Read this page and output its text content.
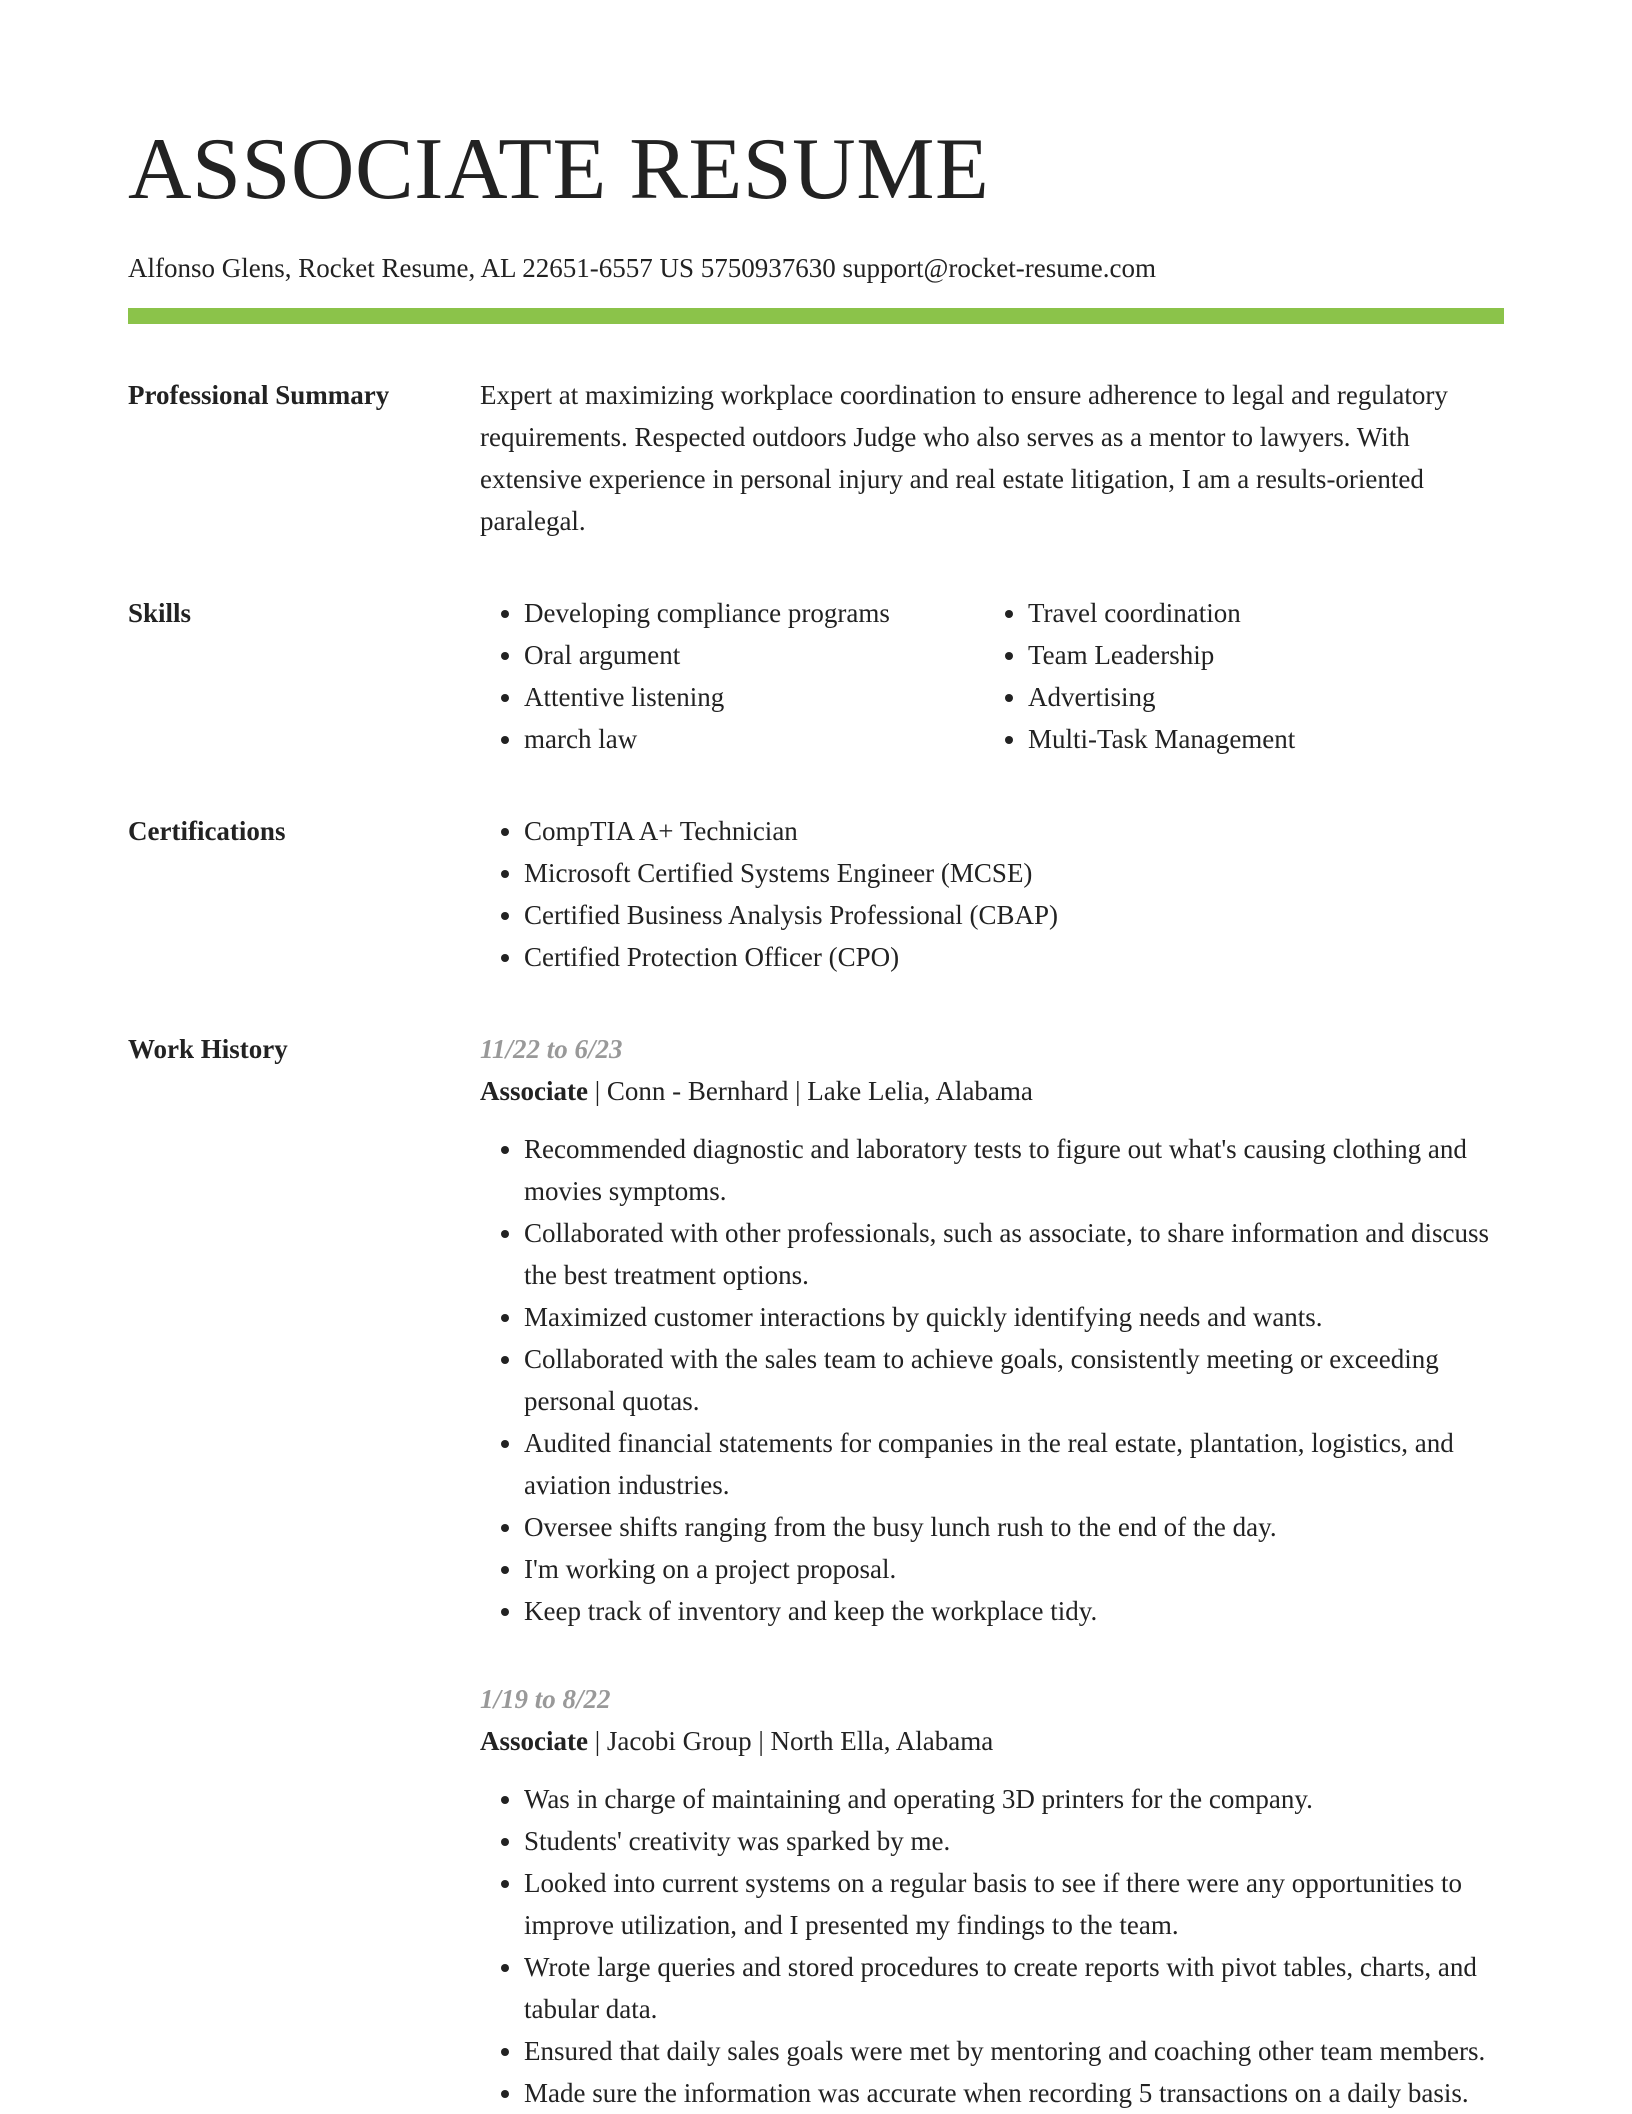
ASSOCIATE RESUME
Alfonso Glens, Rocket Resume, AL 22651-6557 US 5750937630 support@rocket-resume.com
Professional Summary	Expert at maximizing workplace coordination to ensure adherence to legal and regulatory requirements. Respected outdoors Judge who also serves as a mentor to lawyers. With extensive experience in personal injury and real estate litigation, I am a results-oriented paralegal.

Skills	• Developing compliance programs
• Oral argument
• Attentive listening
• march law
• Travel coordination
• Team Leadership
• Advertising
• Multi-Task Management
Certifications	• CompTIA A+ Technician
• Microsoft Certified Systems Engineer (MCSE)
• Certified Business Analysis Professional (CBAP)
• Certified Protection Officer (CPO)
Work History	11/22 to 6/23
Associate | Conn - Bernhard | Lake Lelia, Alabama
• Recommended diagnostic and laboratory tests to figure out what's causing clothing and movies symptoms.
• Collaborated with other professionals, such as associate, to share information and discuss the best treatment options.
• Maximized customer interactions by quickly identifying needs and wants.
• Collaborated with the sales team to achieve goals, consistently meeting or exceeding personal quotas.
• Audited financial statements for companies in the real estate, plantation, logistics, and aviation industries.
• Oversee shifts ranging from the busy lunch rush to the end of the day.
• I'm working on a project proposal.
• Keep track of inventory and keep the workplace tidy.
1/19 to 8/22
Associate | Jacobi Group | North Ella, Alabama
• Was in charge of maintaining and operating 3D printers for the company.
• Students' creativity was sparked by me.
• Looked into current systems on a regular basis to see if there were any opportunities to improve utilization, and I presented my findings to the team.
• Wrote large queries and stored procedures to create reports with pivot tables, charts, and tabular data.
• Ensured that daily sales goals were met by mentoring and coaching other team members.
• Made sure the information was accurate when recording 5 transactions on a daily basis.
